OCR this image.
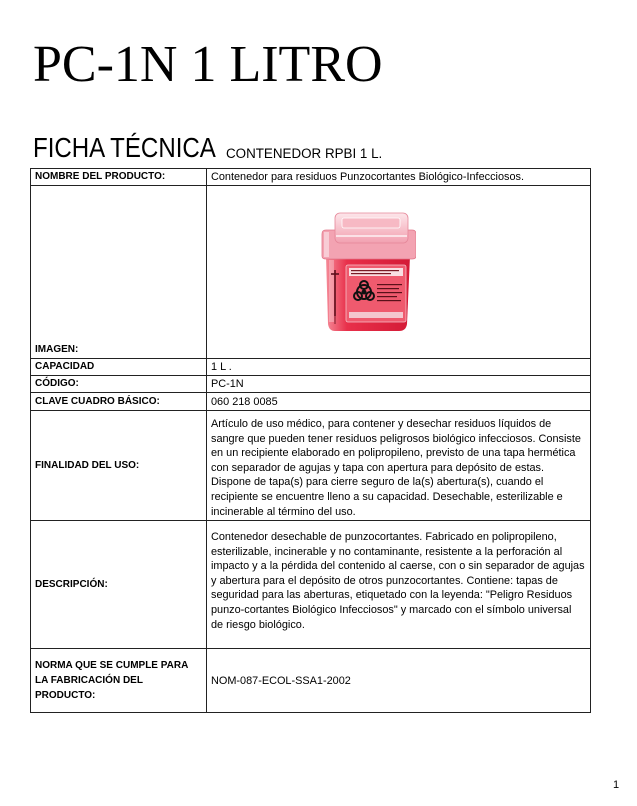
PC-1N 1 LITRO
FICHA TÉCNICA CONTENEDOR RPBI 1 L.
NOMBRE DEL PRODUCTO:	Contenedor para residuos Punzocortantes Biológico-Infecciosos.
IMAGEN:
CAPACIDAD	1 L .
CÓDIGO:	PC-1N
CLAVE CUADRO BÁSICO:	060 218 0085
FINALIDAD DEL USO:
Artículo de uso médico, para contener y desechar residuos líquidos de
sangre que pueden tener residuos peligrosos biológico infecciosos. Consiste
en un recipiente elaborado en polipropileno, previsto de una tapa hermética
con separador de agujas y tapa con apertura para depósito de estas.
Dispone de tapa(s) para cierre seguro de la(s) abertura(s), cuando el
recipiente se encuentre lleno a su capacidad. Desechable, esterilizable e
incinerable al término del uso.
DESCRIPCIÓN:
Contenedor desechable de punzocortantes. Fabricado en polipropileno,
esterilizable, incinerable y no contaminante, resistente a la perforación al
impacto y a la pérdida del contenido al caerse, con o sin separador de agujas
y abertura para el depósito de otros punzocortantes. Contiene: tapas de
seguridad para las aberturas, etiquetado con la leyenda: "Peligro Residuos
punzo-cortantes Biológico Infecciosos" y marcado con el símbolo universal
de riesgo biológico.
NORMA QUE SE CUMPLE PARA
LA FABRICACIÓN DEL
PRODUCTO:
NOM-087-ECOL-SSA1-2002
1
